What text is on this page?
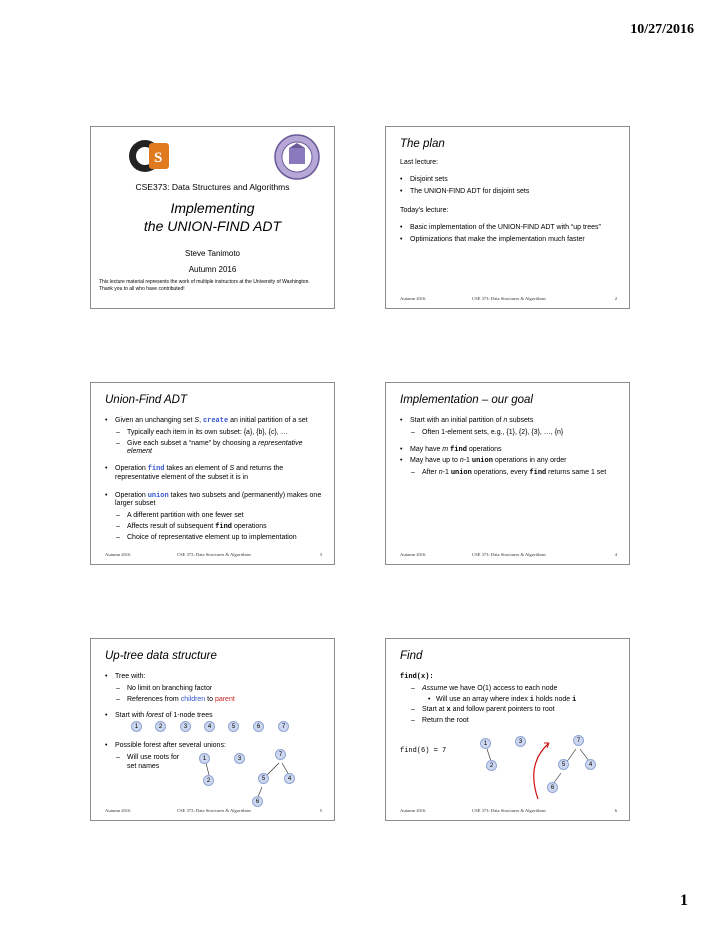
10/27/2016
S
CSE373: Data Structures and Algorithms
Implementing
the UNION-FIND ADT
Steve Tanimoto
Autumn 2016
This lecture material represents the work of multiple instructors at the University of Washington.
Thank you to all who have contributed!
The plan
Last lecture:
• Disjoint sets
• The UNION-FIND ADT for disjoint sets
Today's lecture:
• Basic implementation of the UNION-FIND ADT with “up trees”
• Optimizations that make the implementation much faster
Autumn 2016	CSE 373: Data Structures & Algorithms	2
Union-Find ADT
• Given an unchanging set S, create an initial partition of a set
– Typically each item in its own subset: {a}, {b}, {c}, …
– Give each subset a “name” by choosing a representative element
• Operation find takes an element of S and returns the representative element of the subset it is in
• Operation union takes two subsets and (permanently) makes one larger subset
– A different partition with one fewer set
– Affects result of subsequent find operations
– Choice of representative element up to implementation
Autumn 2016	CSE 373: Data Structures & Algorithms	3
Implementation – our goal
• Start with an initial partition of n subsets
– Often 1-element sets, e.g., {1}, {2}, {3}, …, {n}
• May have m find operations
• May have up to n-1 union operations in any order
– After n-1 union operations, every find returns same 1 set
Autumn 2016	CSE 373: Data Structures & Algorithms	4
Up-tree data structure
• Tree with:
– No limit on branching factor
– References from children to parent
• Start with forest of 1-node trees
1	2	3	4	5	6	7
• Possible forest after several unions:
– Will use roots for
set names
1	3
7
2	5	4
6
Autumn 2016	CSE 373: Data Structures & Algorithms	5
Find
find(x):
– Assume we have O(1) access to each node
• Will use an array where index i holds node i
– Start at x and follow parent pointers to root
– Return the root
find(6) = 7
1	3	7
2	5	4
6
Autumn 2016	CSE 373: Data Structures & Algorithms	6
1
